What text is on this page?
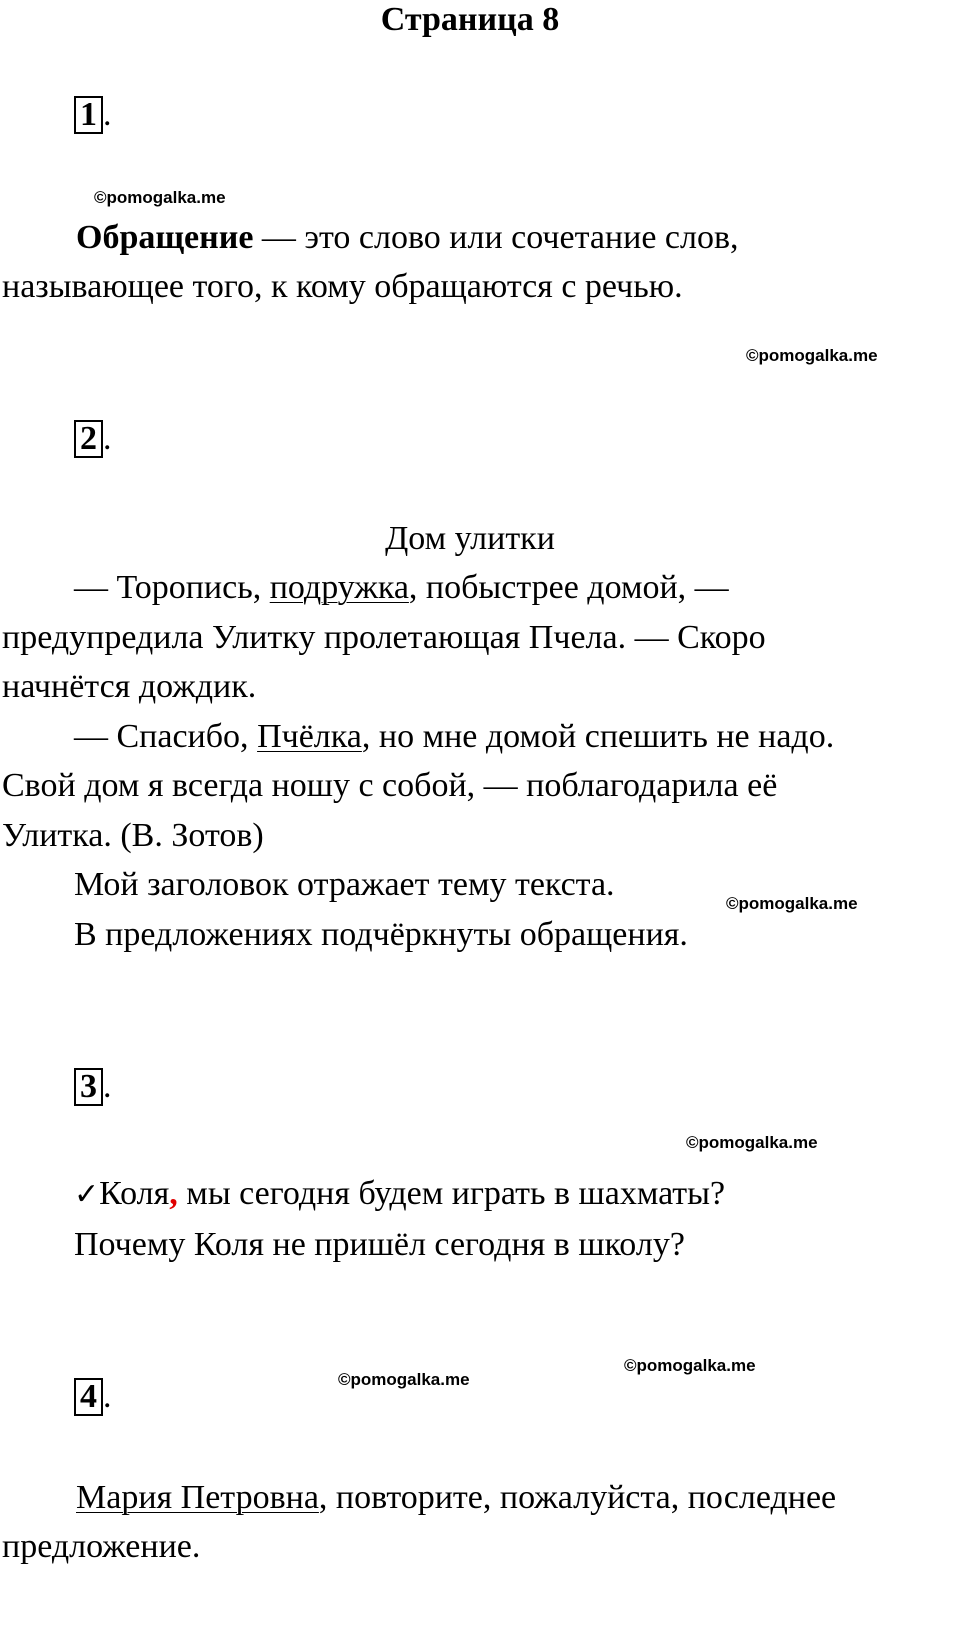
Страница 8
1 .
©pomogalka.me
Обращение — это слово или сочетание слов,
называющее того, к кому обращаются с речью.
©pomogalka.me
2 .
Дом улитки
— Торопись, подружка, побыстрее домой, —
предупредила Улитку пролетающая Пчела. — Скоро
начнётся дождик.
— Спасибо, Пчёлка, но мне домой спешить не надо.
Свой дом я всегда ношу с собой, — поблагодарила её
Улитка. (В. Зотов)
Мой заголовок отражает тему текста.
©pomogalka.me
В предложениях подчёркнуты обращения.
3 .
©pomogalka.me
✓Коля, мы сегодня будем играть в шахматы?
Почему Коля не пришёл сегодня в школу?
©pomogalka.me
©pomogalka.me
4 .
Мария Петровна, повторите, пожалуйста, последнее
предложение.
